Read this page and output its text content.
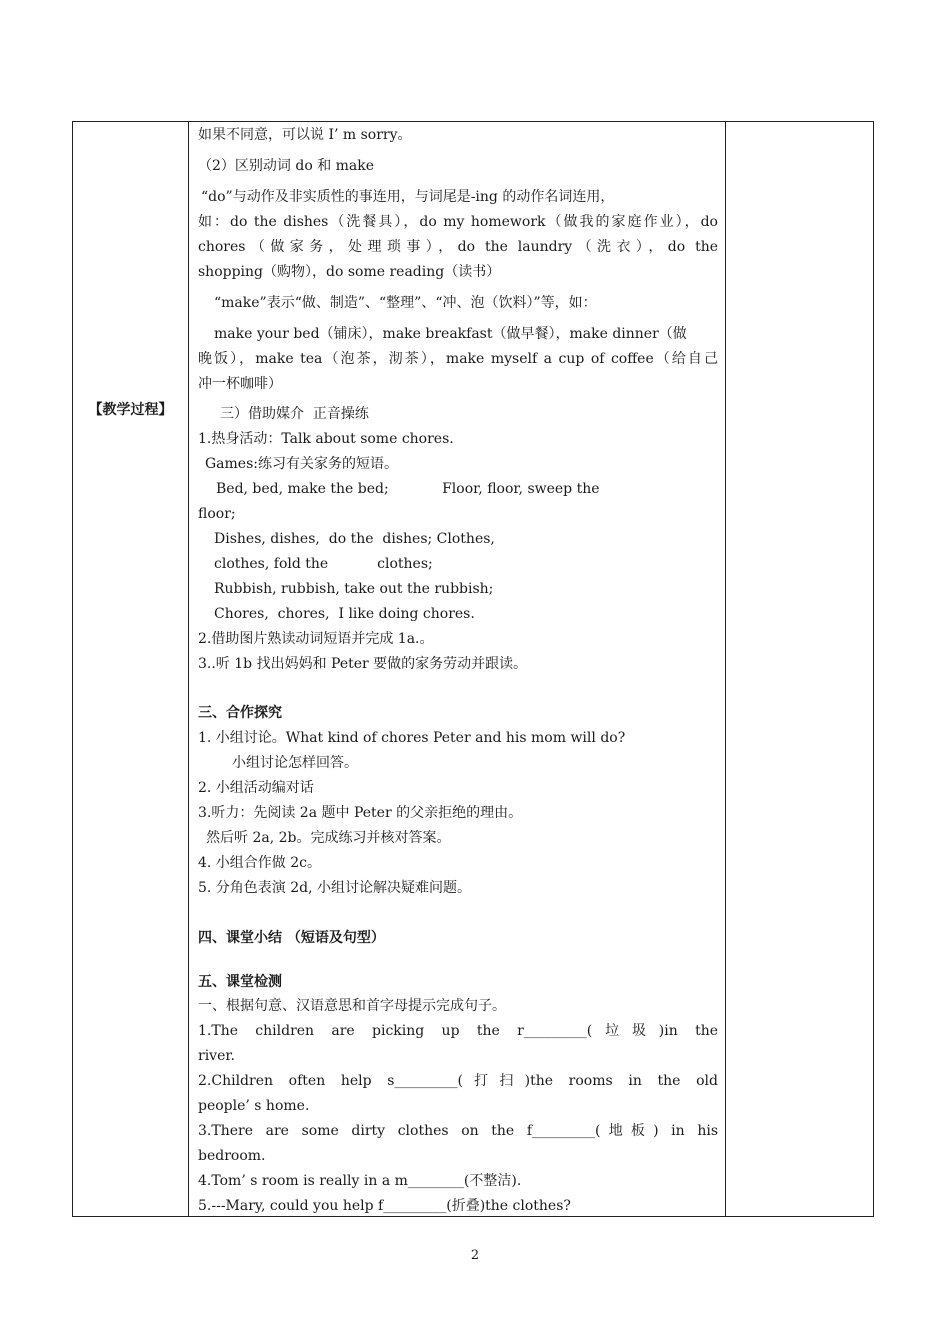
【教学过程】
如果不同意，可以说 I’ m sorry。
（2）区别动词 do 和 make
“do”与动作及非实质性的事连用，与词尾是-ing 的动作名词连用，
如：do the dishes（洗餐具），do my homework（做我的家庭作业），do
chores（做家务，处理琐事），do the laundry（洗衣），do the
shopping（购物），do some reading（读书）
“make”表示“做、制造”、“整理”、“冲、泡（饮料）”等，如：
make your bed（铺床），make breakfast（做早餐），make dinner（做
晚饭），make tea（泡茶，沏茶），make myself a cup of coffee（给自己
冲一杯咖啡）
三）借助媒介  正音操练
1.热身活动：Talk about some chores.
Games:练习有关家务的短语。
Bed, bed, make the bed;            Floor, floor, sweep the
floor;
Dishes, dishes,  do the  dishes; Clothes,
clothes, fold the           clothes;
Rubbish, rubbish, take out the rubbish;
Chores,  chores,  I like doing chores.
2.借助图片熟读动词短语并完成 1a.。
3..听 1b 找出妈妈和 Peter 要做的家务劳动并跟读。
三、合作探究
1. 小组讨论。What kind of chores Peter and his mom will do?
小组讨论怎样回答。
2. 小组活动编对话
3.听力：先阅读 2a 题中 Peter 的父亲拒绝的理由。
然后听 2a, 2b。完成练习并核对答案。
4. 小组合作做 2c。
5. 分角色表演 2d, 小组讨论解决疑难问题。
四、课堂小结 （短语及句型）
五、课堂检测
一、根据句意、汉语意思和首字母提示完成句子。
1.The children are picking up the r_________(垃圾)in the
river.
2.Children often help s_________(打扫)the rooms in the old
people’ s home.
3.There are some dirty clothes on the f_________(地板) in his
bedroom.
4.Tom’ s room is really in a m________(不整洁).
5.---Mary, could you help f_________(折叠)the clothes?
2
